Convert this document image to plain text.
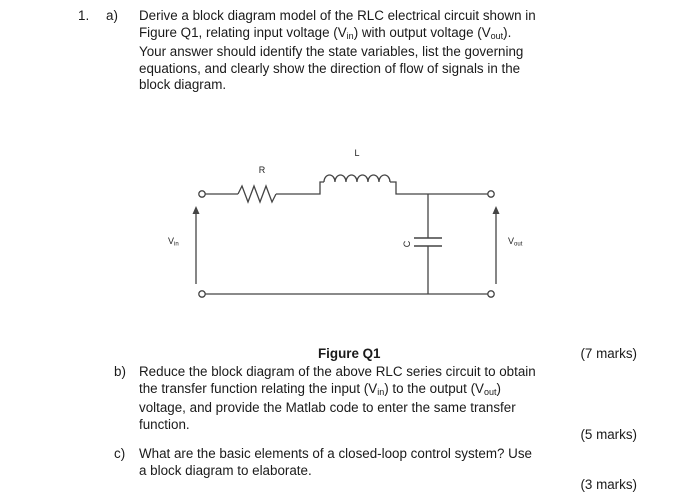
1. a) Derive a block diagram model of the RLC electrical circuit shown in
Figure Q1, relating input voltage $(V_{in})$ with output voltage $(V_{out})$.
Your answer should identify the state variables, list the governing
equations, and clearly show the direction of flow of signals in the
block diagram.
R
L
C
Vin	Vout

Figure Q1	(7 marks)

b) Reduce the block diagram of the above RLC series circuit to obtain
the transfer function relating the input $(V_{in})$ to the output $(V_{out})$
voltage, and provide the Matlab code to enter the same transfer
function.

(5 marks)

c) What are the basic elements of a closed-loop control system? Use
a block diagram to elaborate.

(3 marks)
